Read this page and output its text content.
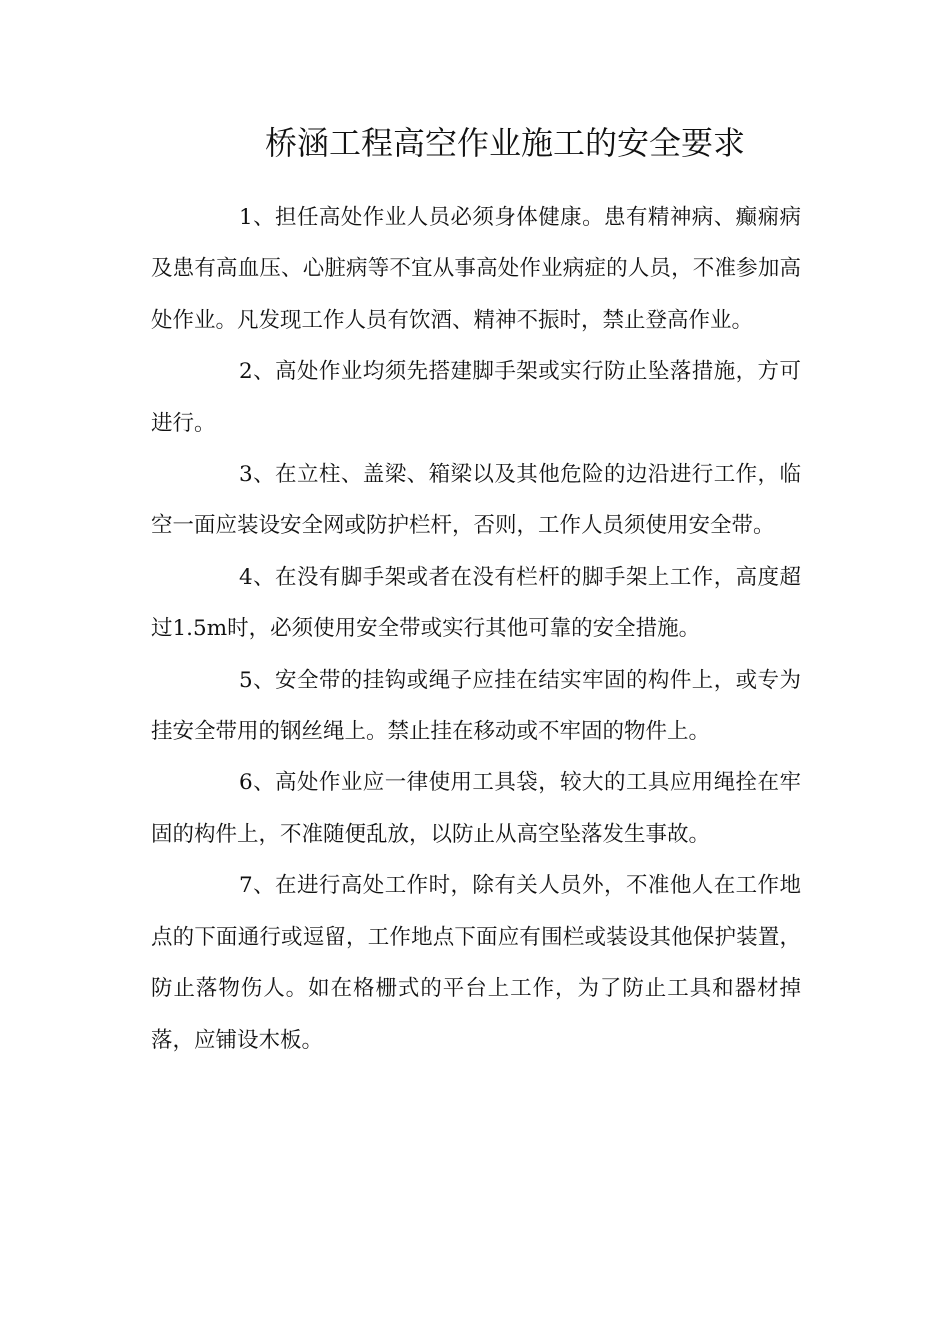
桥涵工程高空作业施工的安全要求

1、担任高处作业人员必须身体健康。患有精神病、癫痫病及患有高血压、心脏病等不宜从事高处作业病症的人员，不准参加高处作业。凡发现工作人员有饮酒、精神不振时，禁止登高作业。

2、高处作业均须先搭建脚手架或实行防止坠落措施，方可进行。

3、在立柱、盖梁、箱梁以及其他危险的边沿进行工作，临空一面应装设安全网或防护栏杆，否则，工作人员须使用安全带。

4、在没有脚手架或者在没有栏杆的脚手架上工作，高度超过1.5m时，必须使用安全带或实行其他可靠的安全措施。

5、安全带的挂钩或绳子应挂在结实牢固的构件上，或专为挂安全带用的钢丝绳上。禁止挂在移动或不牢固的物件上。

6、高处作业应一律使用工具袋，较大的工具应用绳拴在牢固的构件上，不准随便乱放，以防止从高空坠落发生事故。

7、在进行高处工作时，除有关人员外，不准他人在工作地点的下面通行或逗留，工作地点下面应有围栏或装设其他保护装置，防止落物伤人。如在格栅式的平台上工作，为了防止工具和器材掉落，应铺设木板。
